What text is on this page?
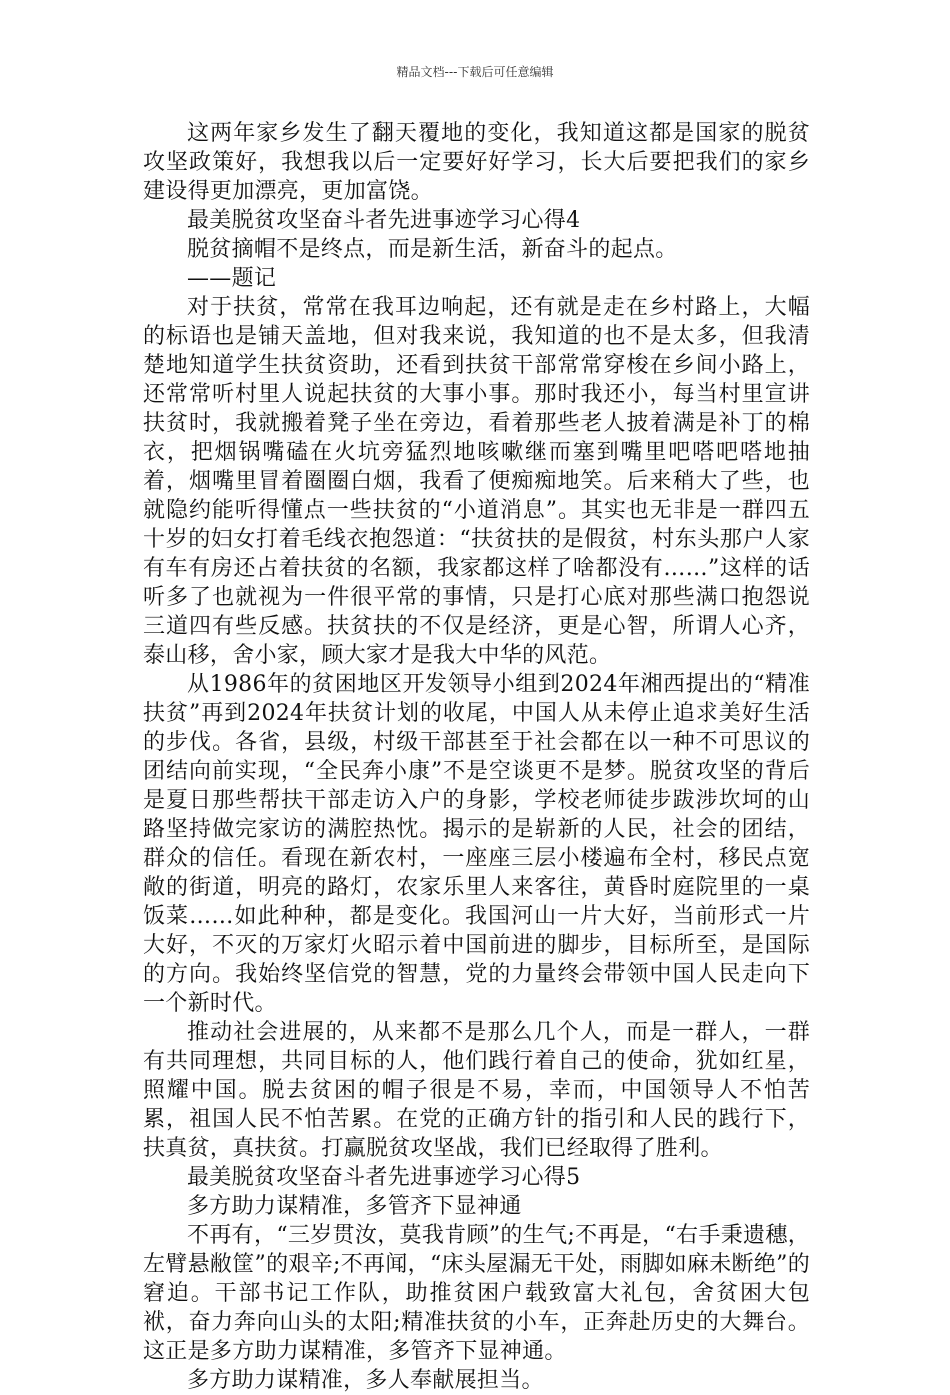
精品文档---下载后可任意编辑

这两年家乡发生了翻天覆地的变化，我知道这都是国家的脱贫攻坚政策好，我想我以后一定要好好学习，长大后要把我们的家乡建设得更加漂亮，更加富饶。

最美脱贫攻坚奋斗者先进事迹学习心得4

脱贫摘帽不是终点，而是新生活，新奋斗的起点。

——题记

对于扶贫，常常在我耳边响起，还有就是走在乡村路上，大幅的标语也是铺天盖地，但对我来说，我知道的也不是太多，但我清楚地知道学生扶贫资助，还看到扶贫干部常常穿梭在乡间小路上，还常常听村里人说起扶贫的大事小事。那时我还小，每当村里宣讲扶贫时，我就搬着凳子坐在旁边，看着那些老人披着满是补丁的棉衣，把烟锅嘴磕在火坑旁猛烈地咳嗽继而塞到嘴里吧嗒吧嗒地抽着，烟嘴里冒着圈圈白烟，我看了便痴痴地笑。后来稍大了些，也就隐约能听得懂点一些扶贫的“小道消息”。其实也无非是一群四五十岁的妇女打着毛线衣抱怨道：“扶贫扶的是假贫，村东头那户人家有车有房还占着扶贫的名额，我家都这样了啥都没有……”这样的话听多了也就视为一件很平常的事情，只是打心底对那些满口抱怨说三道四有些反感。扶贫扶的不仅是经济，更是心智，所谓人心齐，泰山移，舍小家，顾大家才是我大中华的风范。

从1986年的贫困地区开发领导小组到2024年湘西提出的“精准扶贫”再到2024年扶贫计划的收尾，中国人从未停止追求美好生活的步伐。各省，县级，村级干部甚至于社会都在以一种不可思议的团结向前实现，“全民奔小康”不是空谈更不是梦。脱贫攻坚的背后是夏日那些帮扶干部走访入户的身影，学校老师徒步跋涉坎坷的山路坚持做完家访的满腔热忱。揭示的是崭新的人民，社会的团结，群众的信任。看现在新农村，一座座三层小楼遍布全村，移民点宽敞的街道，明亮的路灯，农家乐里人来客往，黄昏时庭院里的一桌饭菜……如此种种，都是变化。我国河山一片大好，当前形式一片大好，不灭的万家灯火昭示着中国前进的脚步，目标所至，是国际的方向。我始终坚信党的智慧，党的力量终会带领中国人民走向下一个新时代。

推动社会进展的，从来都不是那么几个人，而是一群人，一群有共同理想，共同目标的人，他们践行着自己的使命，犹如红星，照耀中国。脱去贫困的帽子很是不易，幸而，中国领导人不怕苦累，祖国人民不怕苦累。在党的正确方针的指引和人民的践行下，扶真贫，真扶贫。打赢脱贫攻坚战，我们已经取得了胜利。

最美脱贫攻坚奋斗者先进事迹学习心得5

多方助力谋精准，多管齐下显神通

不再有，“三岁贯汝，莫我肯顾”的生气;不再是，“右手秉遗穗，左臂悬敝筐”的艰辛;不再闻，“床头屋漏无干处，雨脚如麻未断绝”的窘迫。干部书记工作队，助推贫困户载致富大礼包，舍贫困大包袱，奋力奔向山头的太阳;精准扶贫的小车，正奔赴历史的大舞台。这正是多方助力谋精准，多管齐下显神通。

多方助力谋精准，多人奉献展担当。
